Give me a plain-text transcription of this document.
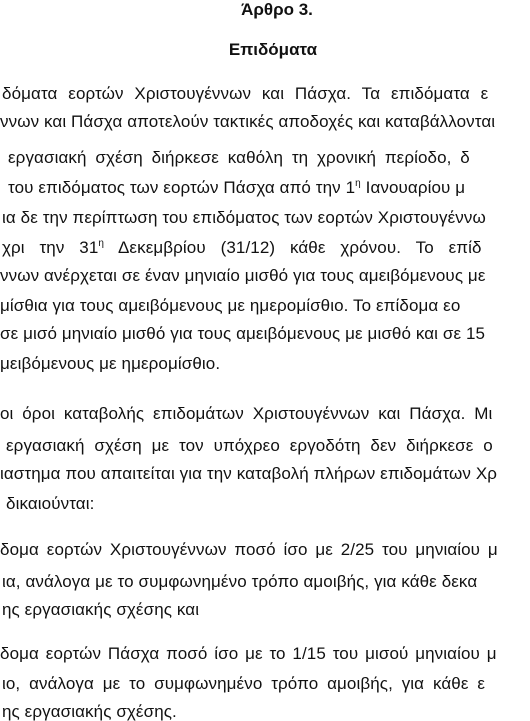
Άρθρο 3.
Επιδόματα
δόματα εορτών Χριστουγέννων και Πάσχα. Τα επιδόματα ε
ννων και Πάσχα αποτελούν τακτικές αποδοχές και καταβάλλονται
εργασιακή σχέση διήρκεσε καθόλη τη χρονική περίοδο, δ
του επιδόματος των εορτών Πάσχα από την $1^\eta$ Ιανουαρίου μ
ια δε την περίπτωση του επιδόματος των εορτών Χριστουγέννω
χρι την $31^\eta$ Δεκεμβρίου (31/12) κάθε χρόνου. Το επίδ
ννων ανέρχεται σε έναν μηνιαίο μισθό για τους αμειβόμενους με
μίσθια για τους αμειβόμενους με ημερομίσθιο. Το επίδομα εο
σε μισό μηνιαίο μισθό για τους αμειβόμενους με μισθό και σε 15
μειβόμενους με ημερομίσθιο.
οι όροι καταβολής επιδομάτων Χριστουγέννων και Πάσχα. Μι
εργασιακή σχέση με τον υπόχρεο εργοδότη δεν διήρκεσε ο
ιαστημα που απαιτείται για την καταβολή πλήρων επιδομάτων Χρ
δικαιούνται:
δομα εορτών Χριστουγέννων ποσό ίσο με 2/25 του μηνιαίου μ
ια, ανάλογα με το συμφωνημένο τρόπο αμοιβής, για κάθε δεκα
ης εργασιακής σχέσης και
δομα εορτών Πάσχα ποσό ίσο με το 1/15 του μισού μηνιαίου μ
ιο, ανάλογα με το συμφωνημένο τρόπο αμοιβής, για κάθε ε
ης εργασιακής σχέσης.
